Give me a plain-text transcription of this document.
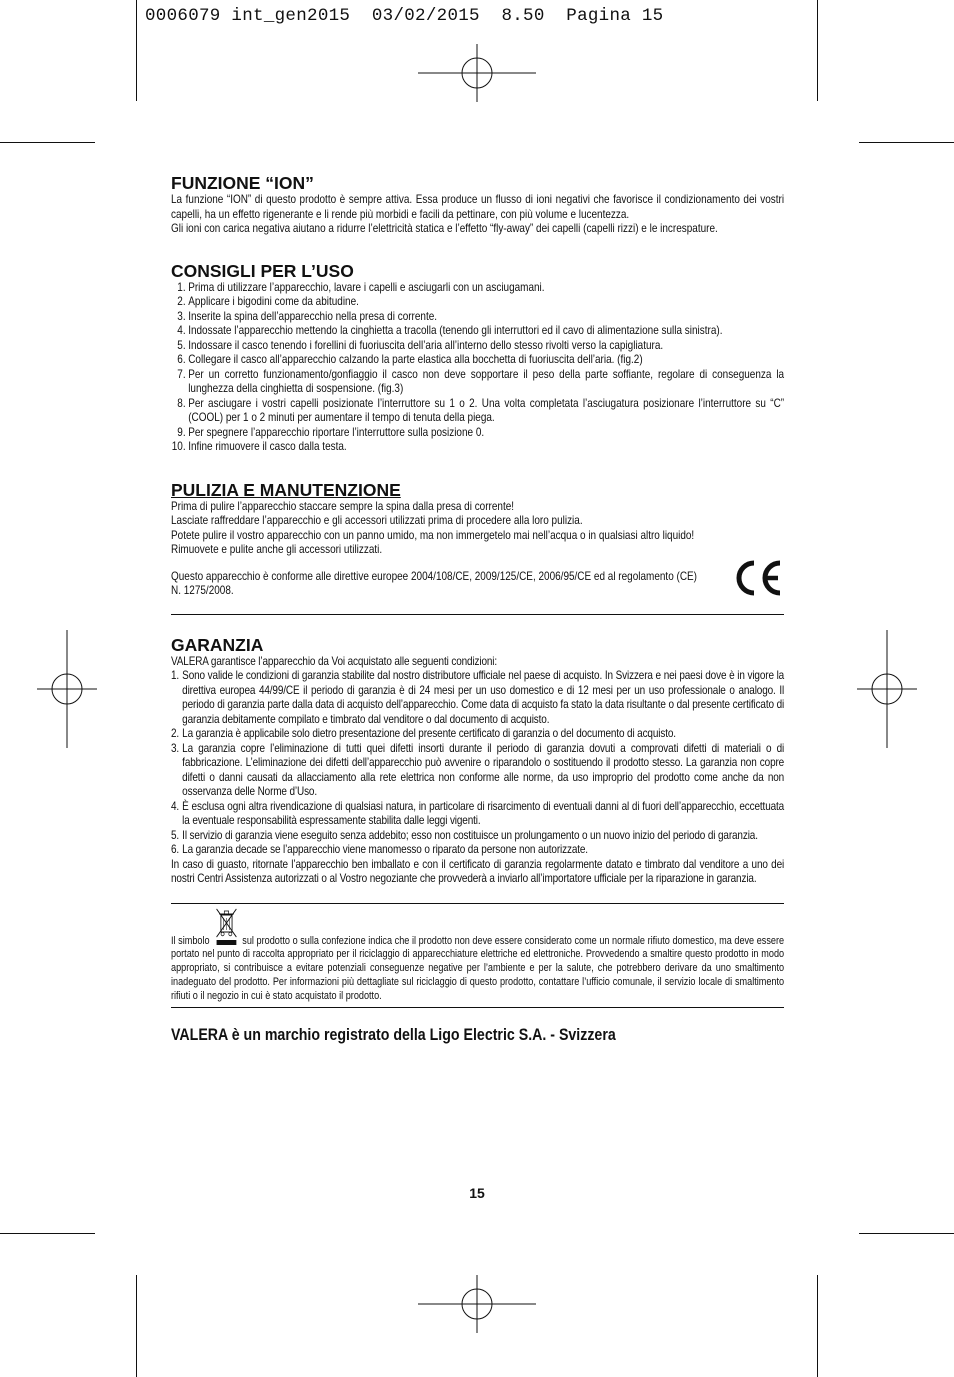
0006079 int_gen2015  03/02/2015  8.50  Pagina 15
FUNZIONE “ION”

La funzione “ION” di questo prodotto è sempre attiva. Essa produce un flusso di ioni negativi che favorisce il condizionamento dei vostri capelli, ha un effetto rigenerante e li rende più morbidi e facili da pettinare, con più volume e lucentezza.

Gli ioni con carica negativa aiutano a ridurre l’elettricità statica e l’effetto “fly-away” dei capelli (capelli rizzi) e le increspature.

CONSIGLI PER L’USO
1. Prima di utilizzare l’apparecchio, lavare i capelli e asciugarli con un asciugamani.
2. Applicare i bigodini come da abitudine.
3. Inserite la spina dell’apparecchio nella presa di corrente.
4. Indossate l’apparecchio mettendo la cinghietta a tracolla (tenendo gli interruttori ed il cavo di alimentazione sulla sinistra).
5. Indossare il casco tenendo i forellini di fuoriuscita dell’aria all’interno dello stesso rivolti verso la capigliatura.
6. Collegare il casco all’apparecchio calzando la parte elastica alla bocchetta di fuoriuscita dell’aria. (fig.2)
7. Per un corretto funzionamento/gonfiaggio il casco non deve sopportare il peso della parte soffiante, regolare di conseguenza la lunghezza della cinghietta di sospensione. (fig.3)
8. Per asciugare i vostri capelli posizionate l’interruttore su 1 o 2. Una volta completata l’asciugatura posizionare l’interruttore su “C” (COOL) per 1 o 2 minuti per aumentare il tempo di tenuta della piega.
9. Per spegnere l’apparecchio riportare l’interruttore sulla posizione 0.
10. Infine rimuovere il casco dalla testa.
PULIZIA E MANUTENZIONE

Prima di pulire l’apparecchio staccare sempre la spina dalla presa di corrente!

Lasciate raffreddare l’apparecchio e gli accessori utilizzati prima di procedere alla loro pulizia.

Potete pulire il vostro apparecchio con un panno umido, ma non immergetelo mai nell’acqua o in qualsiasi altro liquido!

Rimuovete e pulite anche gli accessori utilizzati.

Questo apparecchio è conforme alle direttive europee 2004/108/CE, 2009/125/CE, 2006/95/CE ed al regolamento (CE) N. 1275/2008.

GARANZIA

VALERA garantisce l’apparecchio da Voi acquistato alle seguenti condizioni:

1. Sono valide le condizioni di garanzia stabilite dal nostro distributore ufficiale nel paese di acquisto. In Svizzera e nei paesi dove è in vigore la direttiva europea 44/99/CE il periodo di garanzia è di 24 mesi per un uso domestico e di 12 mesi per un uso professionale o analogo. Il periodo di garanzia parte dalla data di acquisto dell’apparecchio. Come data di acquisto fa stato la data risultante o dal presente certificato di garanzia debitamente compilato e timbrato dal venditore o dal documento di acquisto.
2. La garanzia è applicabile solo dietro presentazione del presente certificato di garanzia o del documento di acquisto.
3. La garanzia copre l’eliminazione di tutti quei difetti insorti durante il periodo di garanzia dovuti a comprovati difetti di materiali o di fabbricazione. L’eliminazione dei difetti dell’apparecchio può avvenire o riparandolo o sostituendo il prodotto stesso. La garanzia non copre difetti o danni causati da allacciamento alla rete elettrica non conforme alle norme, da uso improprio del prodotto come anche da non osservanza delle Norme d’Uso.
4. È esclusa ogni altra rivendicazione di qualsiasi natura, in particolare di risarcimento di eventuali danni al di fuori dell’apparecchio, eccettuata la eventuale responsabilità espressamente stabilita dalle leggi vigenti.
5. Il servizio di garanzia viene eseguito senza addebito; esso non costituisce un prolungamento o un nuovo inizio del periodo di garanzia.
6. La garanzia decade se l’apparecchio viene manomesso o riparato da persone non autorizzate.

In caso di guasto, ritornate l’apparecchio ben imballato e con il certificato di garanzia regolarmente datato e timbrato dal venditore a uno dei nostri Centri Assistenza autorizzati o al Vostro negoziante che provvederà a inviarlo all’importatore ufficiale per la riparazione in garanzia.

Il simbolo	sul prodotto o sulla confezione indica che il prodotto non deve essere considerato come un normale rifiuto domestico, ma deve essere portato nel punto di raccolta appropriato per il riciclaggio di apparecchiature elettriche ed elettroniche. Provvedendo a smaltire questo prodotto in modo appropriato, si contribuisce a evitare potenziali conseguenze negative per l’ambiente e per la salute, che potrebbero derivare da uno smaltimento inadeguato del prodotto. Per informazioni più dettagliate sul riciclaggio di questo prodotto, contattare l’ufficio comunale, il servizio locale di smaltimento rifiuti o il negozio in cui è stato acquistato il prodotto.
VALERA è un marchio registrato della Ligo Electric S.A. - Svizzera
15
